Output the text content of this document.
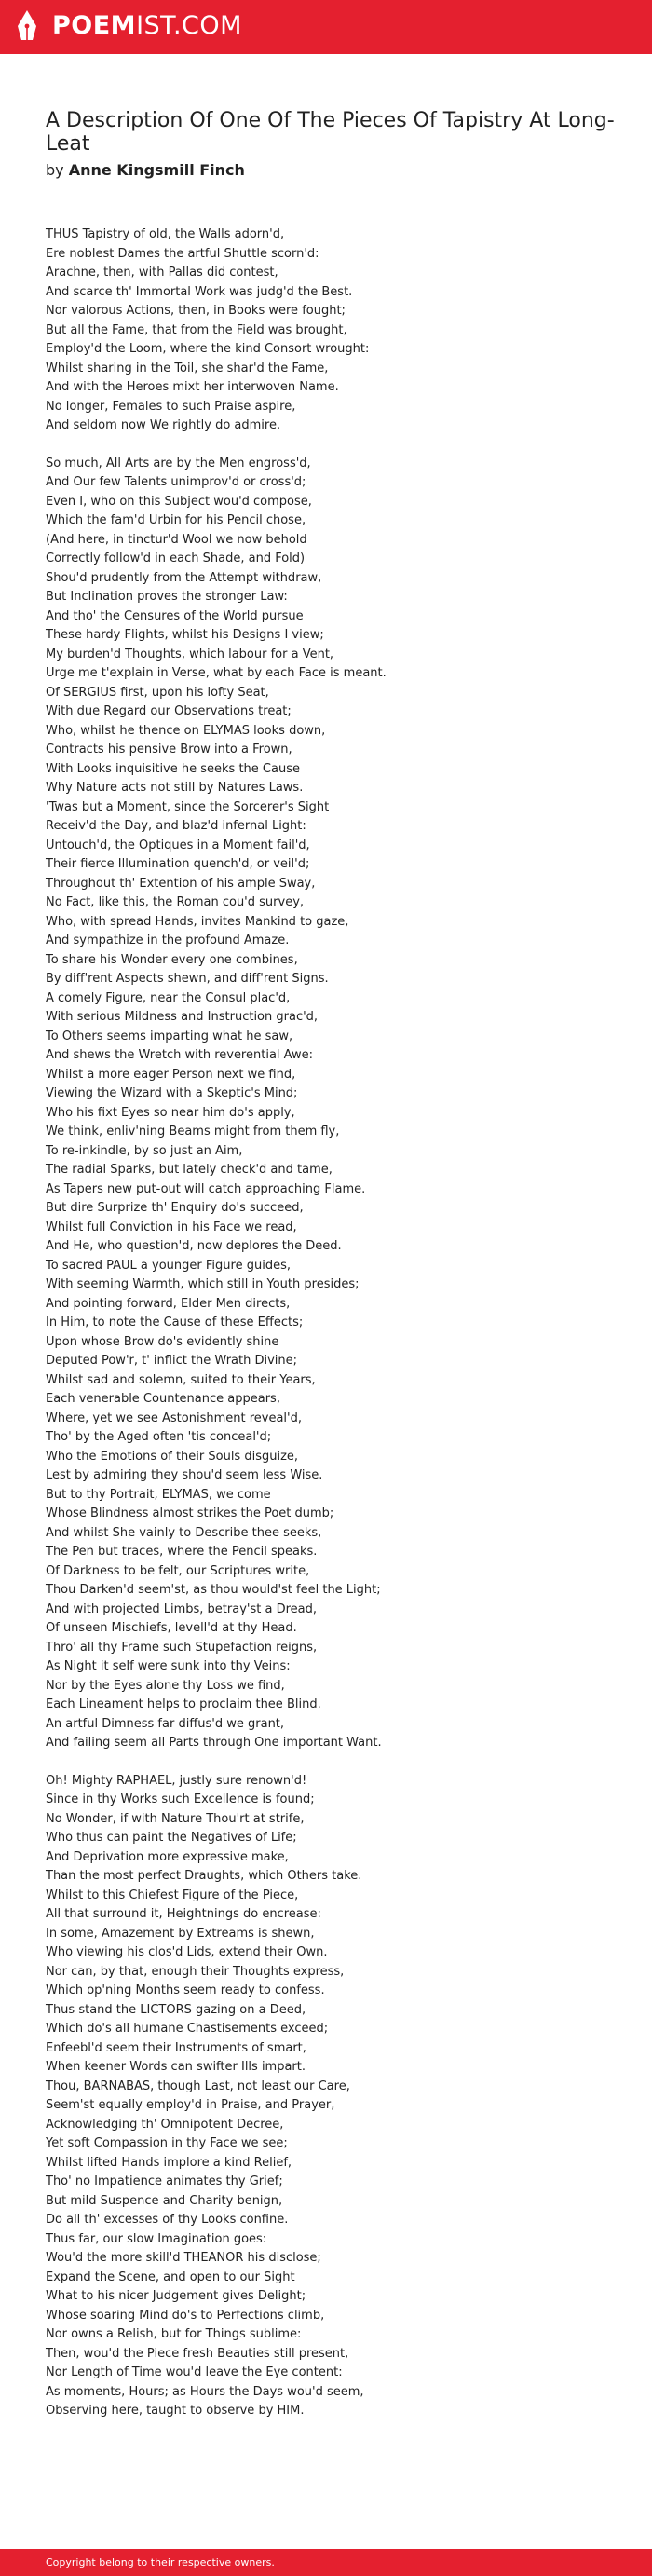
POEMIST.COM
A Description Of One Of The Pieces Of Tapistry At Long-Leat
by Anne Kingsmill Finch
THUS Tapistry of old, the Walls adorn'd,
Ere noblest Dames the artful Shuttle scorn'd:
Arachne, then, with Pallas did contest,
And scarce th' Immortal Work was judg'd the Best.
Nor valorous Actions, then, in Books were fought;
But all the Fame, that from the Field was brought,
Employ'd the Loom, where the kind Consort wrought:
Whilst sharing in the Toil, she shar'd the Fame,
And with the Heroes mixt her interwoven Name.
No longer, Females to such Praise aspire,
And seldom now We rightly do admire.
So much, All Arts are by the Men engross'd,
And Our few Talents unimprov'd or cross'd;
Even I, who on this Subject wou'd compose,
Which the fam'd Urbin for his Pencil chose,
(And here, in tinctur'd Wool we now behold
Correctly follow'd in each Shade, and Fold)
Shou'd prudently from the Attempt withdraw,
But Inclination proves the stronger Law:
And tho' the Censures of the World pursue
These hardy Flights, whilst his Designs I view;
My burden'd Thoughts, which labour for a Vent,
Urge me t'explain in Verse, what by each Face is meant.
Of SERGIUS first, upon his lofty Seat,
With due Regard our Observations treat;
Who, whilst he thence on ELYMAS looks down,
Contracts his pensive Brow into a Frown,
With Looks inquisitive he seeks the Cause
Why Nature acts not still by Natures Laws.
'Twas but a Moment, since the Sorcerer's Sight
Receiv'd the Day, and blaz'd infernal Light:
Untouch'd, the Optiques in a Moment fail'd,
Their fierce Illumination quench'd, or veil'd;
Throughout th' Extention of his ample Sway,
No Fact, like this, the Roman cou'd survey,
Who, with spread Hands, invites Mankind to gaze,
And sympathize in the profound Amaze.
To share his Wonder every one combines,
By diff'rent Aspects shewn, and diff'rent Signs.
A comely Figure, near the Consul plac'd,
With serious Mildness and Instruction grac'd,
To Others seems imparting what he saw,
And shews the Wretch with reverential Awe:
Whilst a more eager Person next we find,
Viewing the Wizard with a Skeptic's Mind;
Who his fixt Eyes so near him do's apply,
We think, enliv'ning Beams might from them fly,
To re-inkindle, by so just an Aim,
The radial Sparks, but lately check'd and tame,
As Tapers new put-out will catch approaching Flame.
But dire Surprize th' Enquiry do's succeed,
Whilst full Conviction in his Face we read,
And He, who question'd, now deplores the Deed.
To sacred PAUL a younger Figure guides,
With seeming Warmth, which still in Youth presides;
And pointing forward, Elder Men directs,
In Him, to note the Cause of these Effects;
Upon whose Brow do's evidently shine
Deputed Pow'r, t' inflict the Wrath Divine;
Whilst sad and solemn, suited to their Years,
Each venerable Countenance appears,
Where, yet we see Astonishment reveal'd,
Tho' by the Aged often 'tis conceal'd;
Who the Emotions of their Souls disguize,
Lest by admiring they shou'd seem less Wise.
But to thy Portrait, ELYMAS, we come
Whose Blindness almost strikes the Poet dumb;
And whilst She vainly to Describe thee seeks,
The Pen but traces, where the Pencil speaks.
Of Darkness to be felt, our Scriptures write,
Thou Darken'd seem'st, as thou would'st feel the Light;
And with projected Limbs, betray'st a Dread,
Of unseen Mischiefs, levell'd at thy Head.
Thro' all thy Frame such Stupefaction reigns,
As Night it self were sunk into thy Veins:
Nor by the Eyes alone thy Loss we find,
Each Lineament helps to proclaim thee Blind.
An artful Dimness far diffus'd we grant,
And failing seem all Parts through One important Want.
Oh! Mighty RAPHAEL, justly sure renown'd!
Since in thy Works such Excellence is found;
No Wonder, if with Nature Thou'rt at strife,
Who thus can paint the Negatives of Life;
And Deprivation more expressive make,
Than the most perfect Draughts, which Others take.
Whilst to this Chiefest Figure of the Piece,
All that surround it, Heightnings do encrease:
In some, Amazement by Extreams is shewn,
Who viewing his clos'd Lids, extend their Own.
Nor can, by that, enough their Thoughts express,
Which op'ning Months seem ready to confess.
Thus stand the LICTORS gazing on a Deed,
Which do's all humane Chastisements exceed;
Enfeebl'd seem their Instruments of smart,
When keener Words can swifter Ills impart.
Thou, BARNABAS, though Last, not least our Care,
Seem'st equally employ'd in Praise, and Prayer,
Acknowledging th' Omnipotent Decree,
Yet soft Compassion in thy Face we see;
Whilst lifted Hands implore a kind Relief,
Tho' no Impatience animates thy Grief;
But mild Suspence and Charity benign,
Do all th' excesses of thy Looks confine.
Thus far, our slow Imagination goes:
Wou'd the more skill'd THEANOR his disclose;
Expand the Scene, and open to our Sight
What to his nicer Judgement gives Delight;
Whose soaring Mind do's to Perfections climb,
Nor owns a Relish, but for Things sublime:
Then, wou'd the Piece fresh Beauties still present,
Nor Length of Time wou'd leave the Eye content:
As moments, Hours; as Hours the Days wou'd seem,
Observing here, taught to observe by HIM.
Copyright belong to their respective owners.
